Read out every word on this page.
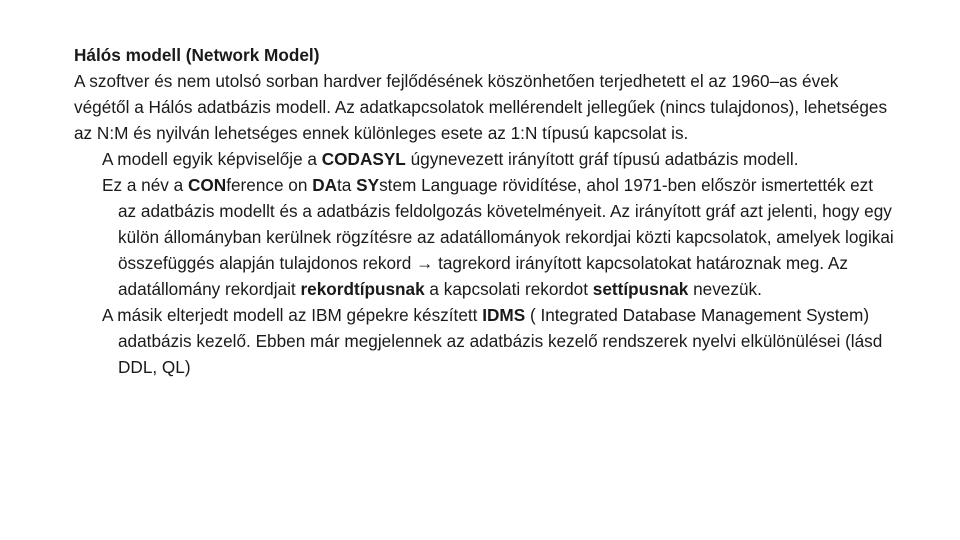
Hálós modell (Network Model)

A szoftver és nem utolsó sorban hardver fejlődésének köszönhetően terjedhetett el az 1960–as évek végétől a Hálós adatbázis modell. Az adatkapcsolatok mellérendelt jellegűek (nincs tulajdonos), lehetséges az N:M és nyilván lehetséges ennek különleges esete az 1:N típusú kapcsolat is.

A modell egyik képviselője a CODASYL úgynevezett irányított gráf típusú adatbázis modell.

Ez a név a CONference on DAta SYstem Language rövidítése, ahol 1971-ben először ismertették ezt az adatbázis modellt és a adatbázis feldolgozás követelményeit. Az irányított gráf azt jelenti, hogy egy külön állományban kerülnek rögzítésre az adatállományok rekordjai közti kapcsolatok, amelyek logikai összefüggés alapján tulajdonos rekord → tagrekord irányított kapcsolatokat határoznak meg. Az adatállomány rekordjait rekordtípusnak a kapcsolati rekordot settípusnak nevezük.

A másik elterjedt modell az IBM gépekre készített IDMS ( Integrated Database Management System) adatbázis kezelő. Ebben már megjelennek az adatbázis kezelő rendszerek nyelvi elkülönülései (lásd DDL, QL)
